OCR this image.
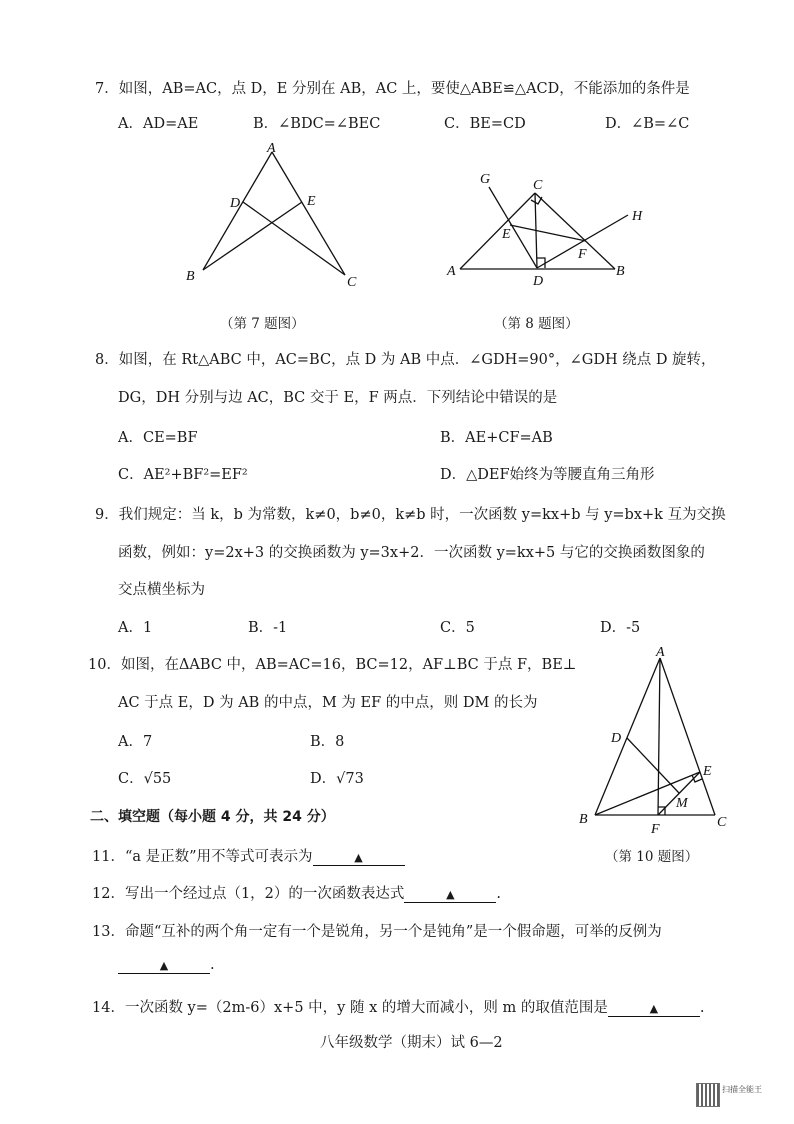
7．如图，AB=AC，点 D，E 分别在 AB，AC 上，要使△ABE≌△ACD，不能添加的条件是
A．AD=AE	B．∠BDC=∠BEC	C．BE=CD	D．∠B=∠C
A
D	E
B	C
（第 7 题图）
G	C
H
E
F
A
D
B
（第 8 题图）
8．如图，在 Rt△ABC 中，AC=BC，点 D 为 AB 中点．∠GDH=90°，∠GDH 绕点 D 旋转，
DG，DH 分别与边 AC，BC 交于 E，F 两点．下列结论中错误的是
A．CE=BF	B．AE+CF=AB
C．AE²+BF²=EF²	D．△DEF始终为等腰直角三角形
9．我们规定：当 k，b 为常数，k≠0，b≠0，k≠b 时，一次函数 y=kx+b 与 y=bx+k 互为交换
函数，例如：y=2x+3 的交换函数为 y=3x+2．一次函数 y=kx+5 与它的交换函数图象的
交点横坐标为
A．1	B．-1	C．5	D．-5
10．如图，在ΔABC 中，AB=AC=16，BC=12，AF⊥BC 于点 F，BE⊥
AC 于点 E，D 为 AB 的中点，M 为 EF 的中点，则 DM 的长为
A．7	B．8
C．√55	D．√73
A
D
E
M
B
F	C
（第 10 题图）
二、填空题（每小题 4 分，共 24 分）
11．“a 是正数”用不等式可表示为	▲
12．写出一个经过点（1，2）的一次函数表达式	▲	.
13．命题“互补的两个角一定有一个是锐角，另一个是钝角”是一个假命题，可举的反例为
▲	.
14．一次函数 y=（2m-6）x+5 中，y 随 x 的增大而减小，则 m 的取值范围是	▲	.
八年级数学（期末）试 6—2
扫描全能王
